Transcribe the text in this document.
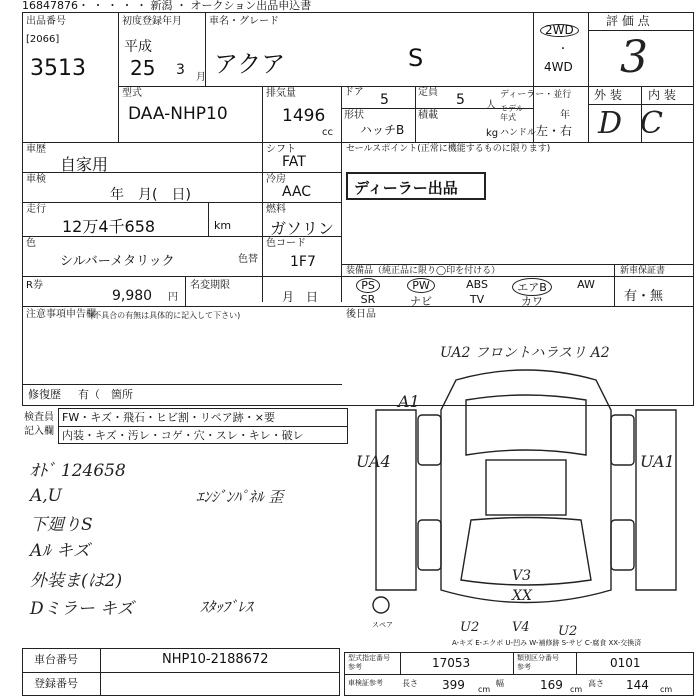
16847876・ ・ ・ ・ ・ 新潟 ・ オークション出品申込書
出品番号
[2066]
3513
初度登録年月
平成
25 3 月
車名・グレード
アクア	S
2WD
・
4WD
評 価 点
3
外 装 内 装
D C
型式
DAA-NHP10
排気量
1496
cc
ドア 5	定員 5 人
ディーラー・並行
モデル
年式	年
形状
ハッチB
積載
kg ハンドル 左・右
車歴
自家用
シフト
FAT
車検
年　月(　日)
冷房
AAC
走行
12万4千658	km
燃料
ガソリン
色
シルバーメタリック	色替
色コード
1F7
R券
9,980 円
名変期限
月　日
セールスポイント(正常に機能するものに限ります)
ディーラー出品
装備品（純正品に限り◯印を付ける）	新車保証書
有・無
PS	PW	ABS	エアB	AW
SR	ナビ	TV	カワ
注意事項申告欄
(不具合の有無は具体的に記入して下さい)	後日品
修復歴 有（　箇所
検査員
記入欄
FW・キズ・飛石・ヒビ割・リペア跡・×要
内装・キズ・汚レ・コゲ・穴・スレ・キレ・破レ
ｵﾄﾞ 124658
A,U
下廻りS
Aﾙ キズ
外装ま(は2)
Dミラー キズ
ｴﾝｼﾞﾝﾊﾟﾈﾙ 歪
ｽﾀｯﾌﾞﾚｽ
UA2 フロントハラスリ A2
A1
UA4	UA1
V3
XX
U2	V4 U2
スペア
A-キズ E-エクボ U-凹み W-補修跡 S-サビ C-腐食 XX-交換済
車台番号	NHP10-2188672
登録番号
型式指定番号
参考	17053	類別区分番号
参考	0101
車検証参考 長さ 399 cm
幅	169 cm
高さ 144 cm
